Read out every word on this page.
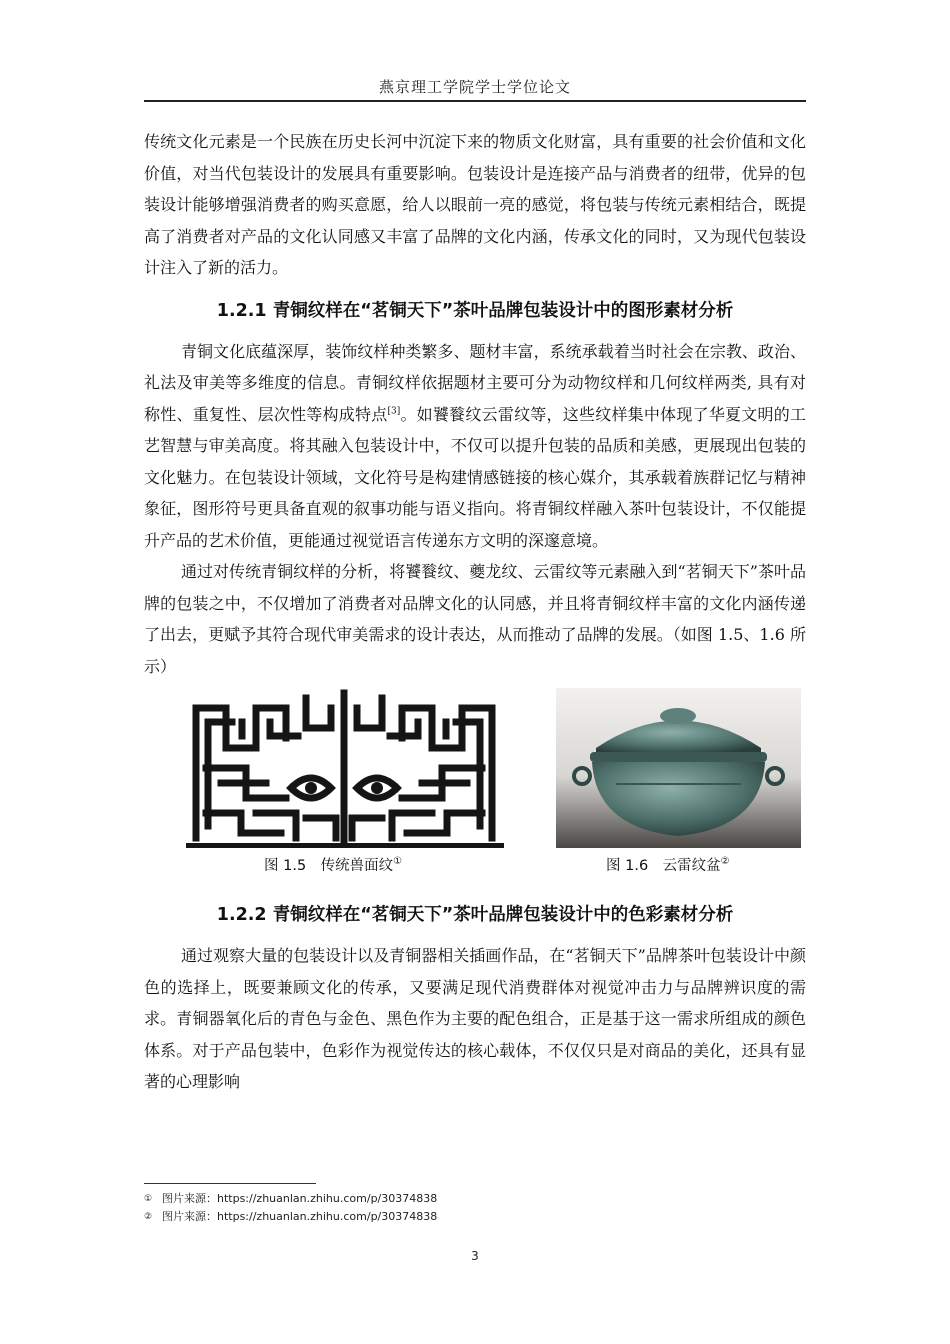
燕京理工学院学士学位论文

传统文化元素是一个民族在历史长河中沉淀下来的物质文化财富，具有重要的社会价值和文化价值，对当代包装设计的发展具有重要影响。包装设计是连接产品与消费者的纽带，优异的包装设计能够增强消费者的购买意愿，给人以眼前一亮的感觉，将包装与传统元素相结合，既提高了消费者对产品的文化认同感又丰富了品牌的文化内涵，传承文化的同时，又为现代包装设计注入了新的活力。

1.2.1 青铜纹样在“茗铜天下”茶叶品牌包装设计中的图形素材分析

青铜文化底蕴深厚，装饰纹样种类繁多、题材丰富，系统承载着当时社会在宗教、政治、礼法及审美等多维度的信息。青铜纹样依据题材主要可分为动物纹样和几何纹样两类, 具有对称性、重复性、层次性等构成特点[3]。如饕餮纹云雷纹等，这些纹样集中体现了华夏文明的工艺智慧与审美高度。将其融入包装设计中，不仅可以提升包装的品质和美感，更展现出包装的文化魅力。在包装设计领域，文化符号是构建情感链接的核心媒介，其承载着族群记忆与精神象征，图形符号更具备直观的叙事功能与语义指向。将青铜纹样融入茶叶包装设计，不仅能提升产品的艺术价值，更能通过视觉语言传递东方文明的深邃意境。

通过对传统青铜纹样的分析，将饕餮纹、夔龙纹、云雷纹等元素融入到“茗铜天下”茶叶品牌的包装之中，不仅增加了消费者对品牌文化的认同感，并且将青铜纹样丰富的文化内涵传递了出去，更赋予其符合现代审美需求的设计表达，从而推动了品牌的发展。（如图 1.5、1.6 所示）

图 1.5　传统兽面纹①	图 1.6　云雷纹盆②
1.2.2 青铜纹样在“茗铜天下”茶叶品牌包装设计中的色彩素材分析

通过观察大量的包装设计以及青铜器相关插画作品，在“茗铜天下”品牌茶叶包装设计中颜色的选择上，既要兼顾文化的传承，又要满足现代消费群体对视觉冲击力与品牌辨识度的需求。青铜器氧化后的青色与金色、黑色作为主要的配色组合，正是基于这一需求所组成的颜色体系。对于产品包装中，色彩作为视觉传达的核心载体，不仅仅只是对商品的美化，还具有显著的心理影响

① 图片来源：https://zhuanlan.zhihu.com/p/30374838
② 图片来源：https://zhuanlan.zhihu.com/p/30374838
3
